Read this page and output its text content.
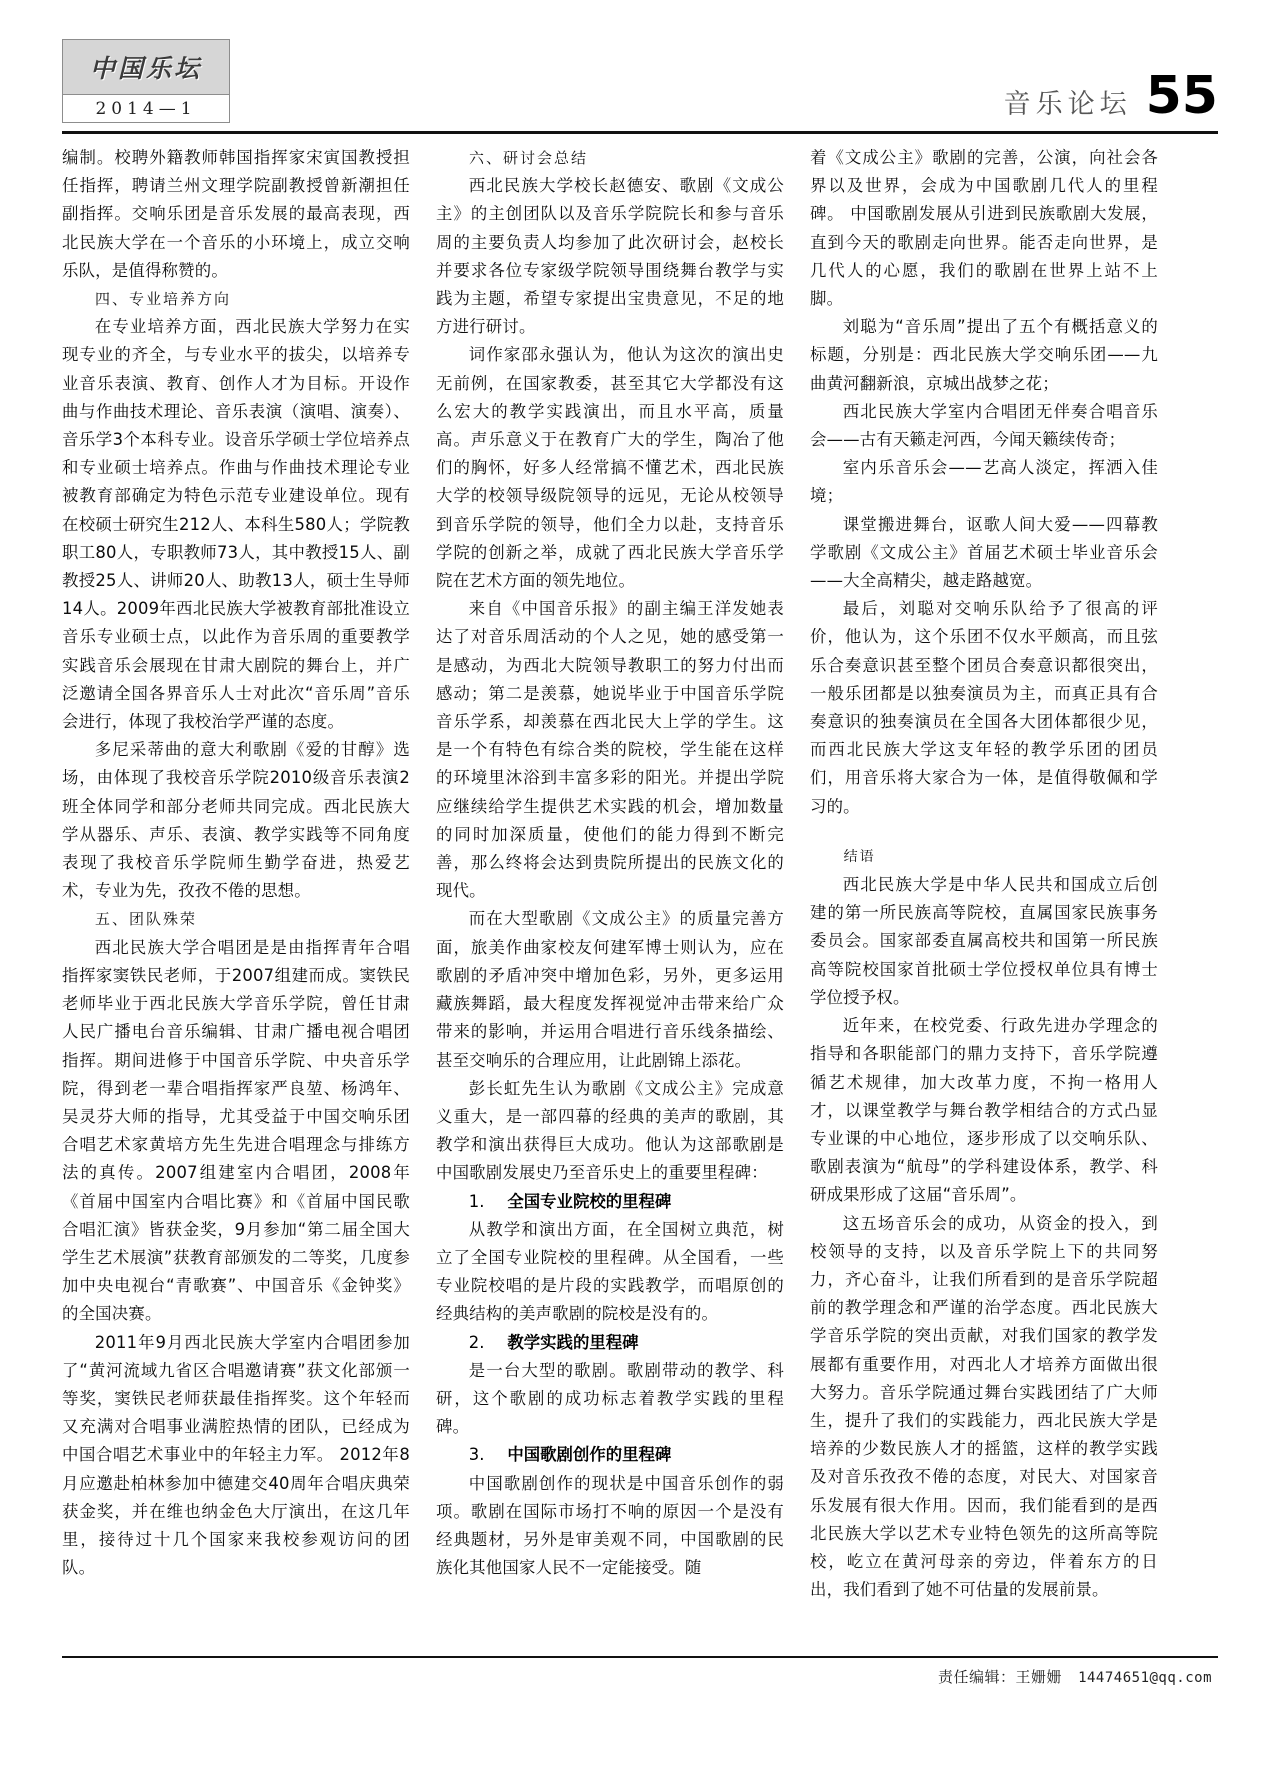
中国乐坛
2014—1	音乐论坛 55

编制。校聘外籍教师韩国指挥家宋寅国教授担任指挥，聘请兰州文理学院副教授曾新潮担任副指挥。交响乐团是音乐发展的最高表现，西北民族大学在一个音乐的小环境上，成立交响乐队，是值得称赞的。

四、专业培养方向

在专业培养方面，西北民族大学努力在实现专业的齐全，与专业水平的拔尖，以培养专业音乐表演、教育、创作人才为目标。开设作曲与作曲技术理论、音乐表演（演唱、演奏）、音乐学3个本科专业。设音乐学硕士学位培养点和专业硕士培养点。作曲与作曲技术理论专业被教育部确定为特色示范专业建设单位。现有在校硕士研究生212人、本科生580人；学院教职工80人，专职教师73人，其中教授15人、副教授25人、讲师20人、助教13人，硕士生导师14人。2009年西北民族大学被教育部批准设立音乐专业硕士点，以此作为音乐周的重要教学实践音乐会展现在甘肃大剧院的舞台上，并广泛邀请全国各界音乐人士对此次“音乐周”音乐会进行，体现了我校治学严谨的态度。

多尼采蒂曲的意大利歌剧《爱的甘醇》选场，由体现了我校音乐学院2010级音乐表演2班全体同学和部分老师共同完成。西北民族大学从器乐、声乐、表演、教学实践等不同角度表现了我校音乐学院师生勤学奋进，热爱艺术，专业为先，孜孜不倦的思想。

五、团队殊荣

西北民族大学合唱团是是由指挥青年合唱指挥家窦铁民老师，于2007组建而成。窦铁民老师毕业于西北民族大学音乐学院，曾任甘肃人民广播电台音乐编辑、甘肃广播电视合唱团指挥。期间进修于中国音乐学院、中央音乐学院，得到老一辈合唱指挥家严良堃、杨鸿年、吴灵芬大师的指导，尤其受益于中国交响乐团合唱艺术家黄培方先生先进合唱理念与排练方法的真传。2007组建室内合唱团，2008年《首届中国室内合唱比赛》和《首届中国民歌合唱汇演》皆获金奖，9月参加“第二届全国大学生艺术展演”获教育部颁发的二等奖，几度参加中央电视台“青歌赛”、中国音乐《金钟奖》的全国决赛。

2011年9月西北民族大学室内合唱团参加了“黄河流域九省区合唱邀请赛”获文化部颁一等奖，窦铁民老师获最佳指挥奖。这个年轻而又充满对合唱事业满腔热情的团队，已经成为中国合唱艺术事业中的年轻主力军。 2012年8月应邀赴柏林参加中德建交40周年合唱庆典荣获金奖，并在维也纳金色大厅演出，在这几年里，接待过十几个国家来我校参观访问的团队。

六、研讨会总结

西北民族大学校长赵德安、歌剧《文成公主》的主创团队以及音乐学院院长和参与音乐周的主要负责人均参加了此次研讨会，赵校长并要求各位专家级学院领导围绕舞台教学与实践为主题，希望专家提出宝贵意见，不足的地方进行研讨。

词作家邵永强认为，他认为这次的演出史无前例，在国家教委，甚至其它大学都没有这么宏大的教学实践演出，而且水平高，质量高。声乐意义于在教育广大的学生，陶冶了他们的胸怀，好多人经常搞不懂艺术，西北民族大学的校领导级院领导的远见，无论从校领导到音乐学院的领导，他们全力以赴，支持音乐学院的创新之举，成就了西北民族大学音乐学院在艺术方面的领先地位。

来自《中国音乐报》的副主编王洋发她表达了对音乐周活动的个人之见，她的感受第一是感动，为西北大院领导教职工的努力付出而感动；第二是羡慕，她说毕业于中国音乐学院音乐学系，却羡慕在西北民大上学的学生。这是一个有特色有综合类的院校，学生能在这样的环境里沐浴到丰富多彩的阳光。并提出学院应继续给学生提供艺术实践的机会，增加数量的同时加深质量，使他们的能力得到不断完善，那么终将会达到贵院所提出的民族文化的现代。

而在大型歌剧《文成公主》的质量完善方面，旅美作曲家校友何建军博士则认为，应在歌剧的矛盾冲突中增加色彩，另外，更多运用藏族舞蹈，最大程度发挥视觉冲击带来给广众带来的影响，并运用合唱进行音乐线条描绘、甚至交响乐的合理应用，让此剧锦上添花。

彭长虹先生认为歌剧《文成公主》完成意义重大，是一部四幕的经典的美声的歌剧，其教学和演出获得巨大成功。他认为这部歌剧是中国歌剧发展史乃至音乐史上的重要里程碑：

1. 全国专业院校的里程碑

从教学和演出方面，在全国树立典范，树立了全国专业院校的里程碑。从全国看，一些专业院校唱的是片段的实践教学，而唱原创的经典结构的美声歌剧的院校是没有的。

2. 教学实践的里程碑

是一台大型的歌剧。歌剧带动的教学、科研，这个歌剧的成功标志着教学实践的里程碑。

3. 中国歌剧创作的里程碑

中国歌剧创作的现状是中国音乐创作的弱项。歌剧在国际市场打不响的原因一个是没有经典题材，另外是审美观不同，中国歌剧的民族化其他国家人民不一定能接受。随

着《文成公主》歌剧的完善，公演，向社会各界以及世界，会成为中国歌剧几代人的里程碑。 中国歌剧发展从引进到民族歌剧大发展，直到今天的歌剧走向世界。能否走向世界，是几代人的心愿，我们的歌剧在世界上站不上脚。

刘聪为“音乐周”提出了五个有概括意义的标题，分别是：西北民族大学交响乐团——九曲黄河翻新浪，京城出战梦之花；

西北民族大学室内合唱团无伴奏合唱音乐会——古有天籁走河西，今闻天籁续传奇；

室内乐音乐会——艺高人淡定，挥洒入佳境；

课堂搬进舞台，讴歌人间大爱——四幕教学歌剧《文成公主》首届艺术硕士毕业音乐会——大全高精尖，越走路越宽。

最后，刘聪对交响乐队给予了很高的评价，他认为，这个乐团不仅水平颇高，而且弦乐合奏意识甚至整个团员合奏意识都很突出，一般乐团都是以独奏演员为主，而真正具有合奏意识的独奏演员在全国各大团体都很少见，而西北民族大学这支年轻的教学乐团的团员们，用音乐将大家合为一体，是值得敬佩和学习的。

结语

西北民族大学是中华人民共和国成立后创建的第一所民族高等院校，直属国家民族事务委员会。国家部委直属高校共和国第一所民族高等院校国家首批硕士学位授权单位具有博士学位授予权。

近年来，在校党委、行政先进办学理念的指导和各职能部门的鼎力支持下，音乐学院遵循艺术规律，加大改革力度，不拘一格用人才，以课堂教学与舞台教学相结合的方式凸显专业课的中心地位，逐步形成了以交响乐队、歌剧表演为“航母”的学科建设体系，教学、科研成果形成了这届“音乐周”。

这五场音乐会的成功，从资金的投入，到校领导的支持，以及音乐学院上下的共同努力，齐心奋斗，让我们所看到的是音乐学院超前的教学理念和严谨的治学态度。西北民族大学音乐学院的突出贡献，对我们国家的教学发展都有重要作用，对西北人才培养方面做出很大努力。音乐学院通过舞台实践团结了广大师生，提升了我们的实践能力，西北民族大学是培养的少数民族人才的摇篮，这样的教学实践及对音乐孜孜不倦的态度，对民大、对国家音乐发展有很大作用。因而，我们能看到的是西北民族大学以艺术专业特色领先的这所高等院校，屹立在黄河母亲的旁边，伴着东方的日出，我们看到了她不可估量的发展前景。

责任编辑：王姗姗 14474651@qq.com
